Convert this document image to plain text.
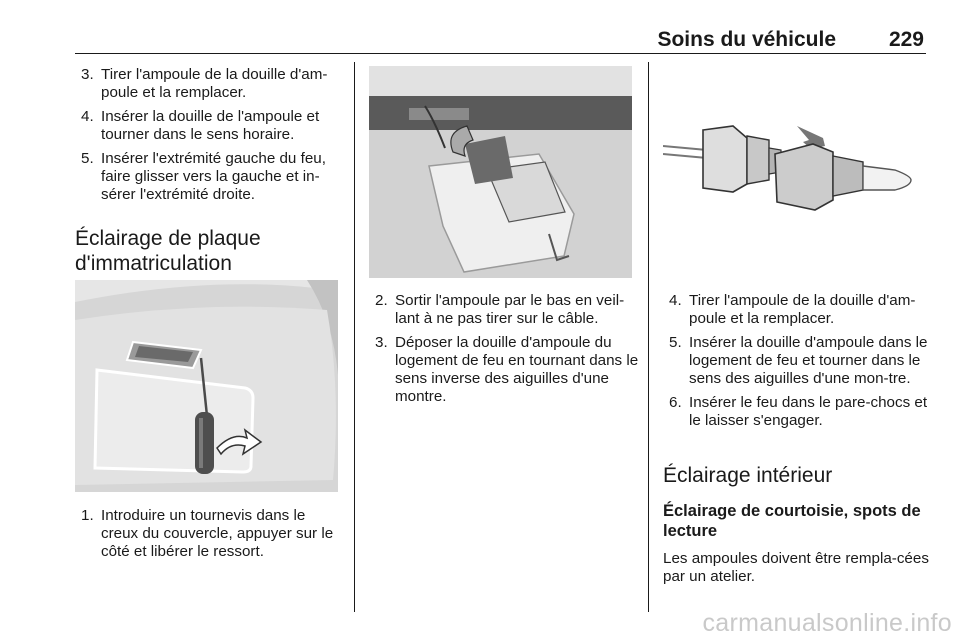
Soins du véhicule	229
3. Tirer l'ampoule de la douille d'am-poule et la remplacer.
4. Insérer la douille de l'ampoule et tourner dans le sens horaire.
5. Insérer l'extrémité gauche du feu, faire glisser vers la gauche et in-sérer l'extrémité droite.
Éclairage de plaque d'immatriculation
1. Introduire un tournevis dans le creux du couvercle, appuyer sur le côté et libérer le ressort.
2. Sortir l'ampoule par le bas en veil-lant à ne pas tirer sur le câble.
3. Déposer la douille d'ampoule du logement de feu en tournant dans le sens inverse des aiguilles d'une montre.
4. Tirer l'ampoule de la douille d'am-poule et la remplacer.
5. Insérer la douille d'ampoule dans le logement de feu et tourner dans le sens des aiguilles d'une mon-tre.
6. Insérer le feu dans le pare-chocs et le laisser s'engager.
Éclairage intérieur
Éclairage de courtoisie, spots de lecture

Les ampoules doivent être rempla-cées par un atelier.

carmanualsonline.info
